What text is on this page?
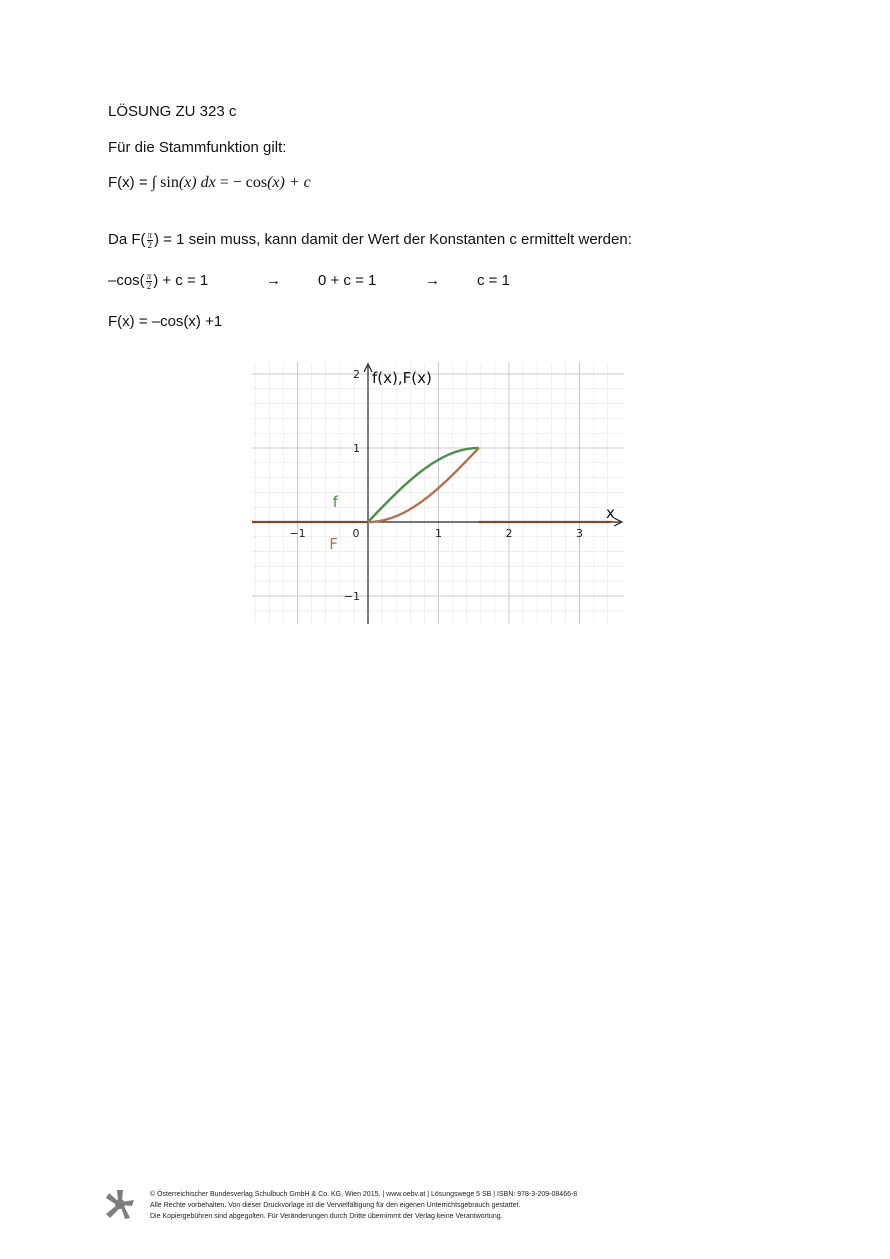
LÖSUNG ZU 323 c
Für die Stammfunktion gilt:
F(x) = ∫ sin(x) dx = − cos(x) + c
Da $F( \frac{\pi}{2}$ ) = 1 sein muss, kann damit der Wert der Konstanten c ermittelt werden:
$-\cos( \frac{\pi}{2}$ ) + c = 1	→ 0 + c = 1	→ c = 1
F(x) = –cos(x) +1
−1	0	1	2	3
−1
1
2 f(x),F(x)
x
f
F
© Österreichischer Bundesverlag Schulbuch GmbH & Co. KG, Wien 2015. | www.oebv.at | Lösungswege 5 SB | ISBN: 978-3-209-08466-8
Alle Rechte vorbehalten. Von dieser Druckvorlage ist die Vervielfältigung für den eigenen Unterrichtsgebrauch gestattet.
Die Kopiergebühren sind abgegolten. Für Veränderungen durch Dritte übernimmt der Verlag keine Verantwortung.
